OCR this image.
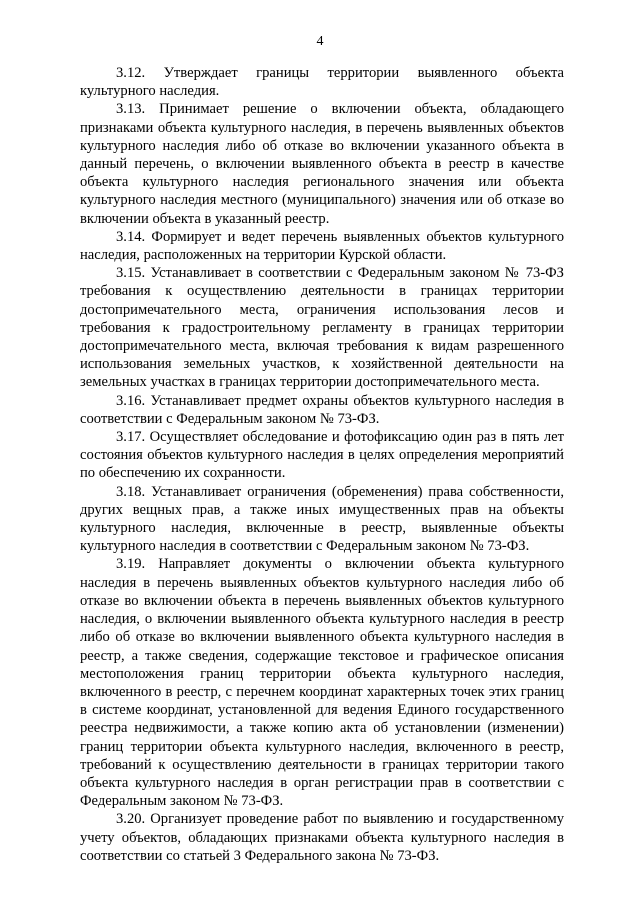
4

3.12. Утверждает границы территории выявленного объекта культурного наследия.

3.13. Принимает решение о включении объекта, обладающего признаками объекта культурного наследия, в перечень выявленных объектов культурного наследия либо об отказе во включении указанного объекта в данный перечень, о включении выявленного объекта в реестр в качестве объекта культурного наследия регионального значения или объекта культурного наследия местного (муниципального) значения или об отказе во включении объекта в указанный реестр.

3.14. Формирует и ведет перечень выявленных объектов культурного наследия, расположенных на территории Курской области.

3.15. Устанавливает в соответствии с Федеральным законом № 73-ФЗ требования к осуществлению деятельности в границах территории достопримечательного места, ограничения использования лесов и требования к градостроительному регламенту в границах территории достопримечательного места, включая требования к видам разрешенного использования земельных участков, к хозяйственной деятельности на земельных участках в границах территории достопримечательного места.

3.16. Устанавливает предмет охраны объектов культурного наследия в соответствии с Федеральным законом № 73-ФЗ.

3.17. Осуществляет обследование и фотофиксацию один раз в пять лет состояния объектов культурного наследия в целях определения мероприятий по обеспечению их сохранности.

3.18. Устанавливает ограничения (обременения) права собственности, других вещных прав, а также иных имущественных прав на объекты культурного наследия, включенные в реестр, выявленные объекты культурного наследия в соответствии с Федеральным законом № 73-ФЗ.

3.19. Направляет документы о включении объекта культурного наследия в перечень выявленных объектов культурного наследия либо об отказе во включении объекта в перечень выявленных объектов культурного наследия, о включении выявленного объекта культурного наследия в реестр либо об отказе во включении выявленного объекта культурного наследия в реестр, а также сведения, содержащие текстовое и графическое описания местоположения границ территории объекта культурного наследия, включенного в реестр, с перечнем координат характерных точек этих границ в системе координат, установленной для ведения Единого государственного реестра недвижимости, а также копию акта об установлении (изменении) границ территории объекта культурного наследия, включенного в реестр, требований к осуществлению деятельности в границах территории такого объекта культурного наследия в орган регистрации прав в соответствии с Федеральным законом № 73-ФЗ.

3.20. Организует проведение работ по выявлению и государственному учету объектов, обладающих признаками объекта культурного наследия в соответствии со статьей 3 Федерального закона № 73-ФЗ.
